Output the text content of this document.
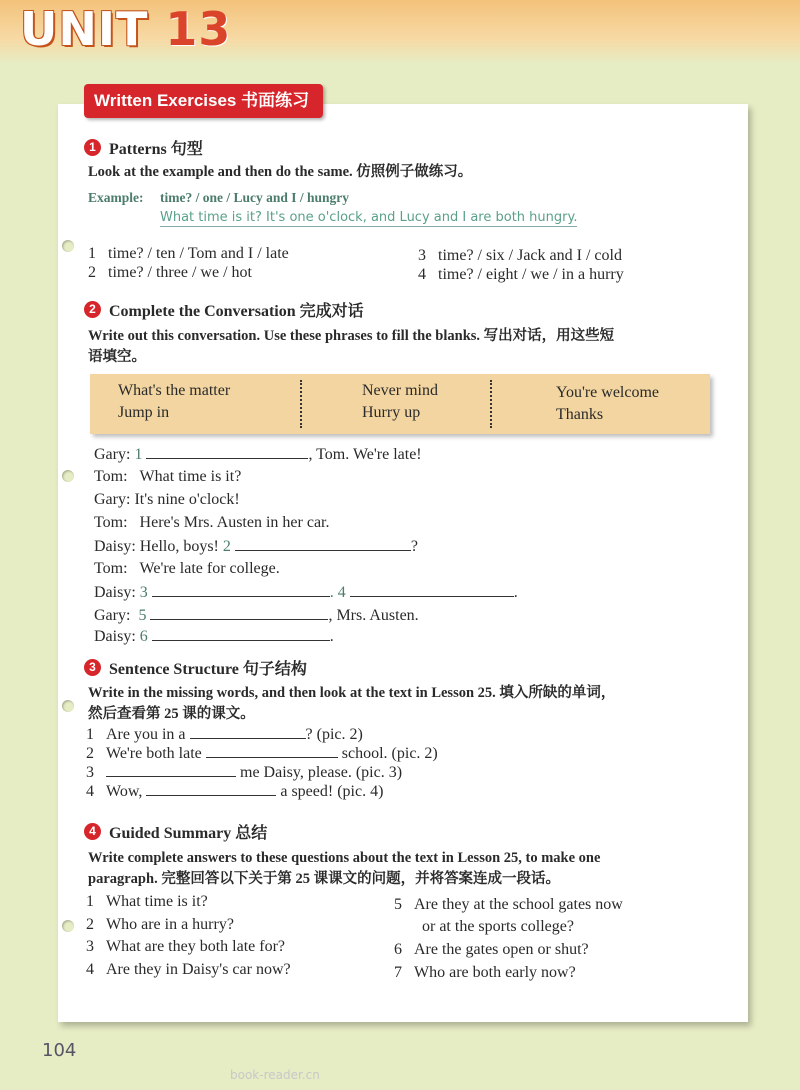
UNIT 13
Written Exercises 书面练习
1 Patterns 句型
Look at the example and then do the same. 仿照例子做练习。
Example: time? / one / Lucy and I / hungry
What time is it? It's one o'clock, and Lucy and I are both hungry.
1 time? / ten / Tom and I / late
2 time? / three / we / hot
3 time? / six / Jack and I / cold
4 time? / eight / we / in a hurry
2 Complete the Conversation 完成对话
Write out this conversation. Use these phrases to fill the blanks. 写出对话，用这些短
语填空。
What's the matter
Jump in
Never mind
Hurry up
You're welcome
Thanks
Gary: 1	, Tom. We're late!
Tom: What time is it?
Gary: It's nine o'clock!
Tom: Here's Mrs. Austen in her car.
Daisy: Hello, boys! 2	?
Tom: We're late for college.
Daisy: 3	. 4	.
Gary: 5	, Mrs. Austen.
Daisy: 6	.
3 Sentence Structure 句子结构
Write in the missing words, and then look at the text in Lesson 25. 填入所缺的单词，
然后查看第 25 课的课文。
1 Are you in a	? (pic. 2)
2 We're both late	school. (pic. 2)
3	me Daisy, please. (pic. 3)
4 Wow,	a speed! (pic. 4)
4 Guided Summary 总结
Write complete answers to these questions about the text in Lesson 25, to make one
paragraph. 完整回答以下关于第 25 课课文的问题，并将答案连成一段话。
1 What time is it?
2 Who are in a hurry?
3 What are they both late for?
4 Are they in Daisy's car now?
5 Are they at the school gates now
or at the sports college?
6 Are the gates open or shut?
7 Who are both early now?
104
book-reader.cn
